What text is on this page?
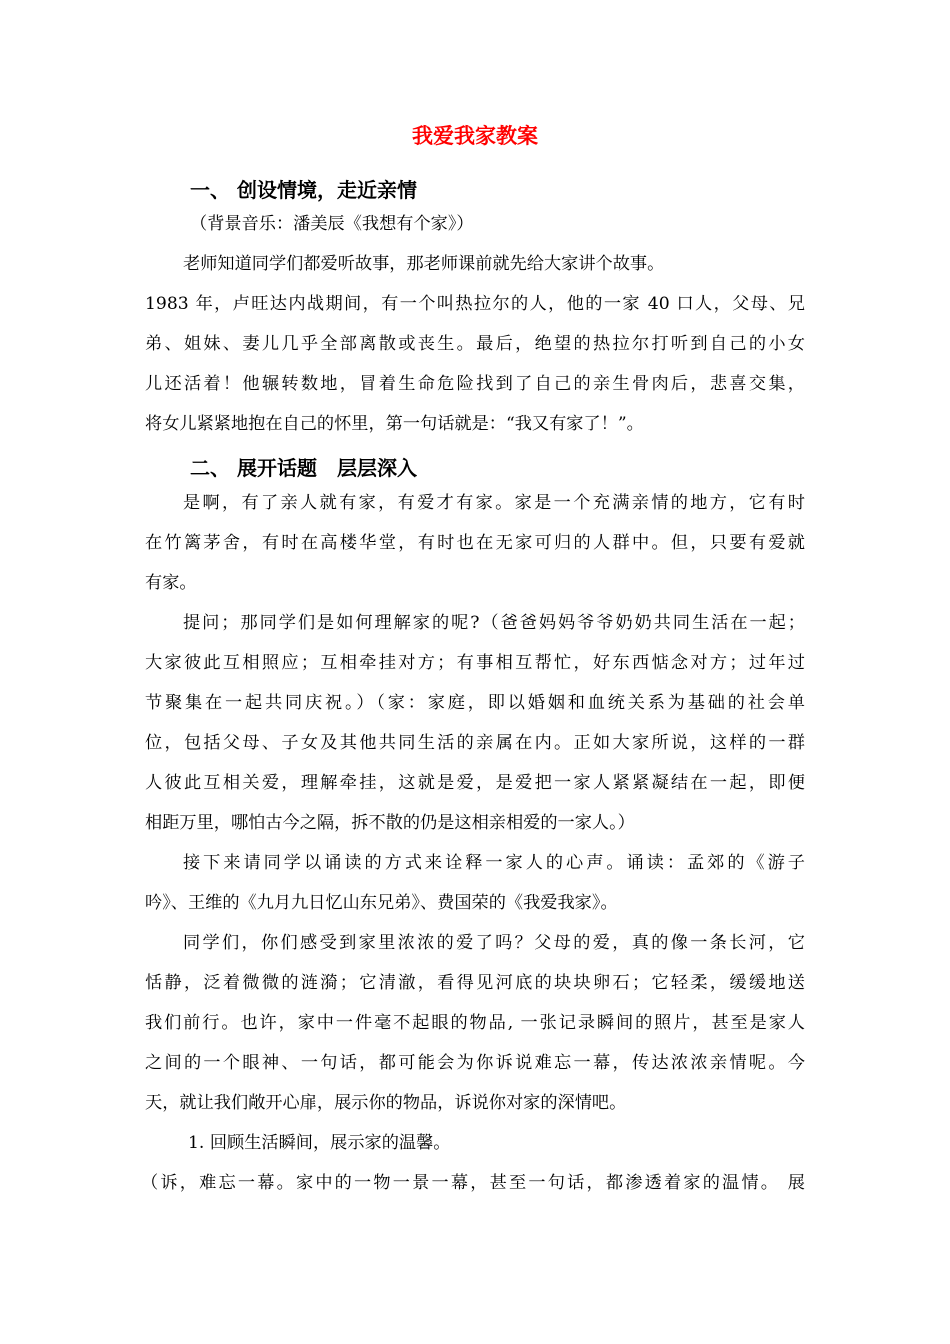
我爱我家教案
一、 创设情境，走近亲情
（背景音乐：潘美辰《我想有个家》）
老师知道同学们都爱听故事，那老师课前就先给大家讲个故事。
1983 年，卢旺达内战期间，有一个叫热拉尔的人，他的一家 40 口人，父母、兄
弟、姐妹、妻儿几乎全部离散或丧生。最后，绝望的热拉尔打听到自己的小女
儿还活着！他辗转数地，冒着生命危险找到了自己的亲生骨肉后，悲喜交集，
将女儿紧紧地抱在自己的怀里，第一句话就是：“我又有家了！”。
二、 展开话题　层层深入
是啊，有了亲人就有家，有爱才有家。家是一个充满亲情的地方，它有时
在竹篱茅舍，有时在高楼华堂，有时也在无家可归的人群中。但，只要有爱就
有家。
提问；那同学们是如何理解家的呢?（爸爸妈妈爷爷奶奶共同生活在一起；
大家彼此互相照应；互相牵挂对方；有事相互帮忙，好东西惦念对方；过年过
节聚集在一起共同庆祝。）（家：家庭，即以婚姻和血统关系为基础的社会单
位，包括父母、子女及其他共同生活的亲属在内。正如大家所说，这样的一群
人彼此互相关爱，理解牵挂，这就是爱，是爱把一家人紧紧凝结在一起，即便
相距万里，哪怕古今之隔，拆不散的仍是这相亲相爱的一家人。）
接下来请同学以诵读的方式来诠释一家人的心声。诵读：孟郊的《游子
吟》、王维的《九月九日忆山东兄弟》、费国荣的《我爱我家》。
同学们，你们感受到家里浓浓的爱了吗？父母的爱，真的像一条长河，它
恬静，泛着微微的涟漪；它清澈，看得见河底的块块卵石；它轻柔，缓缓地送
我们前行。也许，家中一件毫不起眼的物品, 一张记录瞬间的照片，甚至是家人
之间的一个眼神、一句话，都可能会为你诉说难忘一幕，传达浓浓亲情呢。今
天，就让我们敞开心扉，展示你的物品，诉说你对家的深情吧。
1. 回顾生活瞬间，展示家的温馨。
（诉，难忘一幕。家中的一物一景一幕，甚至一句话，都渗透着家的温情。 展
